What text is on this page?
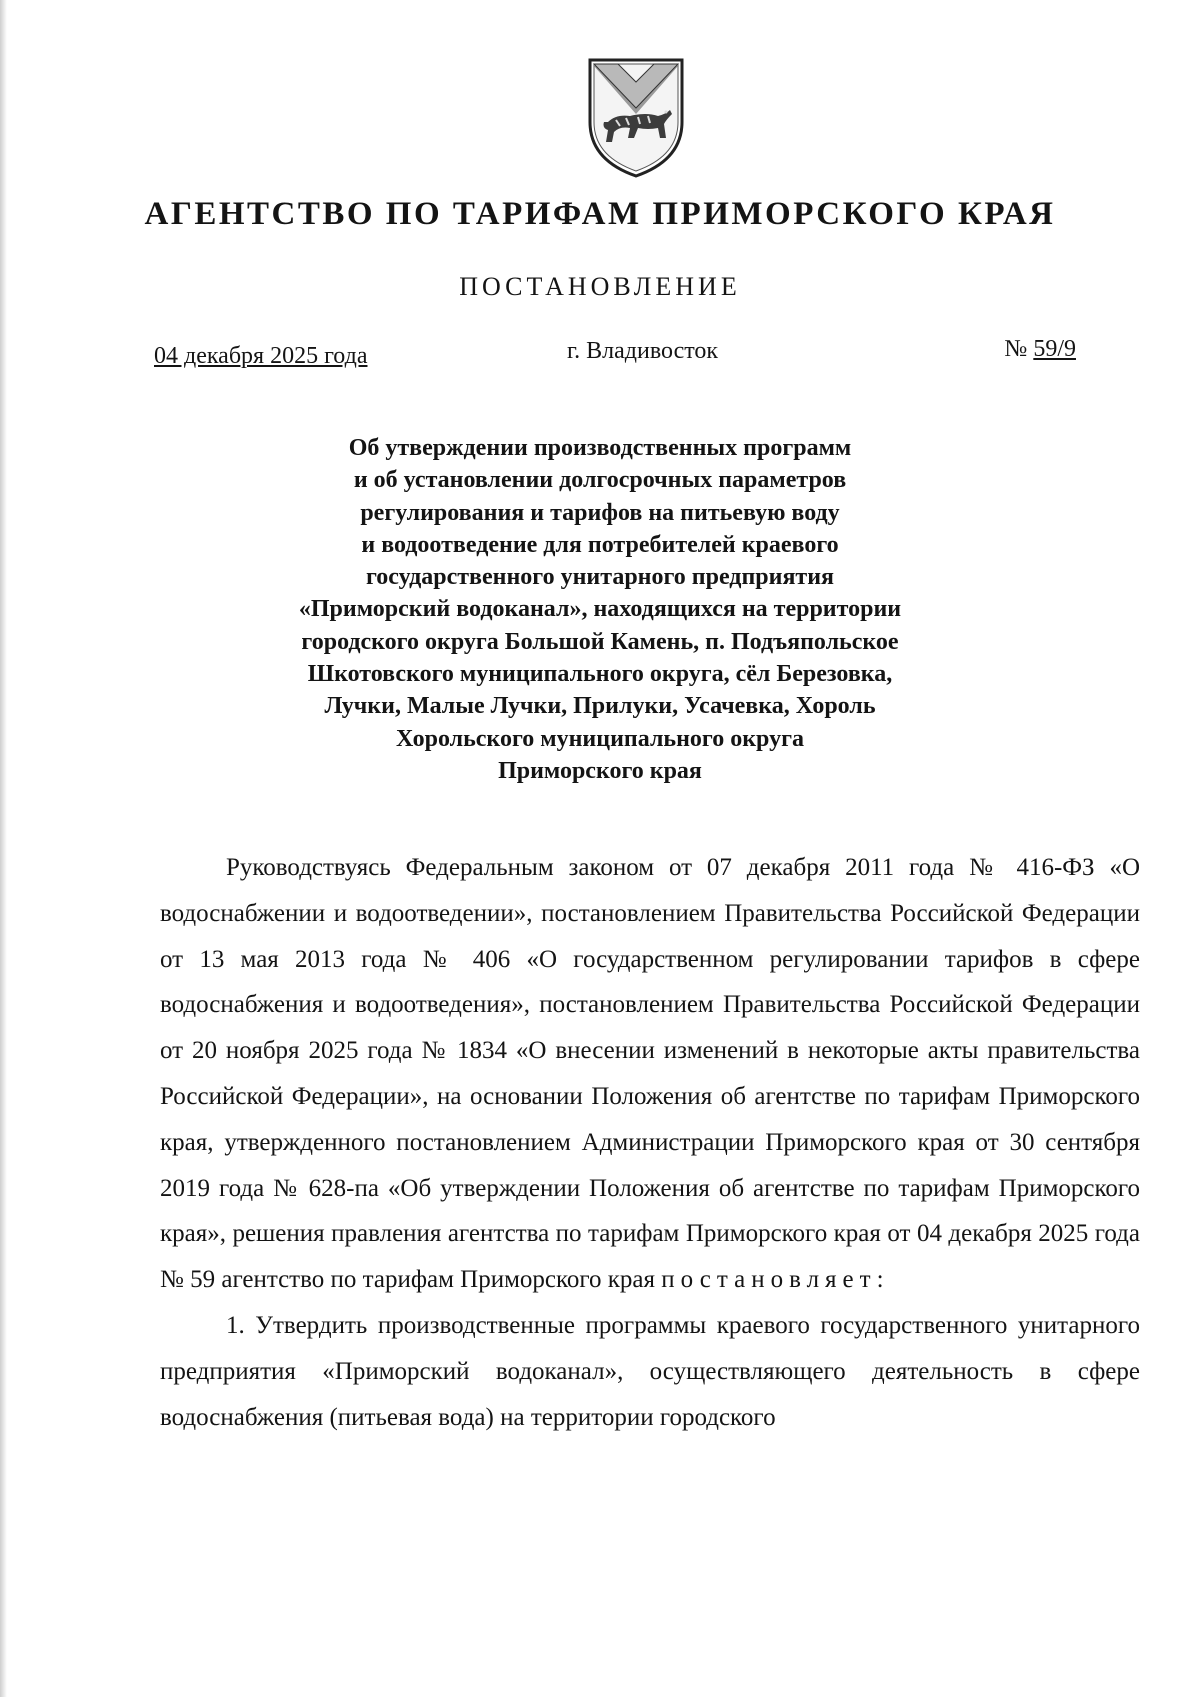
АГЕНТСТВО ПО ТАРИФАМ ПРИМОРСКОГО КРАЯ
ПОСТАНОВЛЕНИЕ
04 декабря 2025 года	г. Владивосток	№ 59/9
Об утверждении производственных программ
и об установлении долгосрочных параметров
регулирования и тарифов на питьевую воду
и водоотведение для потребителей краевого
государственного унитарного предприятия
«Приморский водоканал», находящихся на территории
городского округа Большой Камень, п. Подъяпольское
Шкотовского муниципального округа, сёл Березовка,
Лучки, Малые Лучки, Прилуки, Усачевка, Хороль
Хорольского муниципального округа
Приморского края

Руководствуясь Федеральным законом от 07 декабря 2011 года № 416-ФЗ «О водоснабжении и водоотведении», постановлением Правительства Российской Федерации от 13 мая 2013 года № 406 «О государственном регулировании тарифов в сфере водоснабжения и водоотведения», постановлением Правительства Российской Федерации от 20 ноября 2025 года № 1834 «О внесении изменений в некоторые акты правительства Российской Федерации», на основании Положения об агентстве по тарифам Приморского края, утвержденного постановлением Администрации Приморского края от 30 сентября 2019 года № 628-па «Об утверждении Положения об агентстве по тарифам Приморского края», решения правления агентства по тарифам Приморского края от 04 декабря 2025 года № 59 агентство по тарифам Приморского края постановляет:

1. Утвердить производственные программы краевого государственного унитарного предприятия «Приморский водоканал», осуществляющего деятельность в сфере водоснабжения (питьевая вода) на территории городского
